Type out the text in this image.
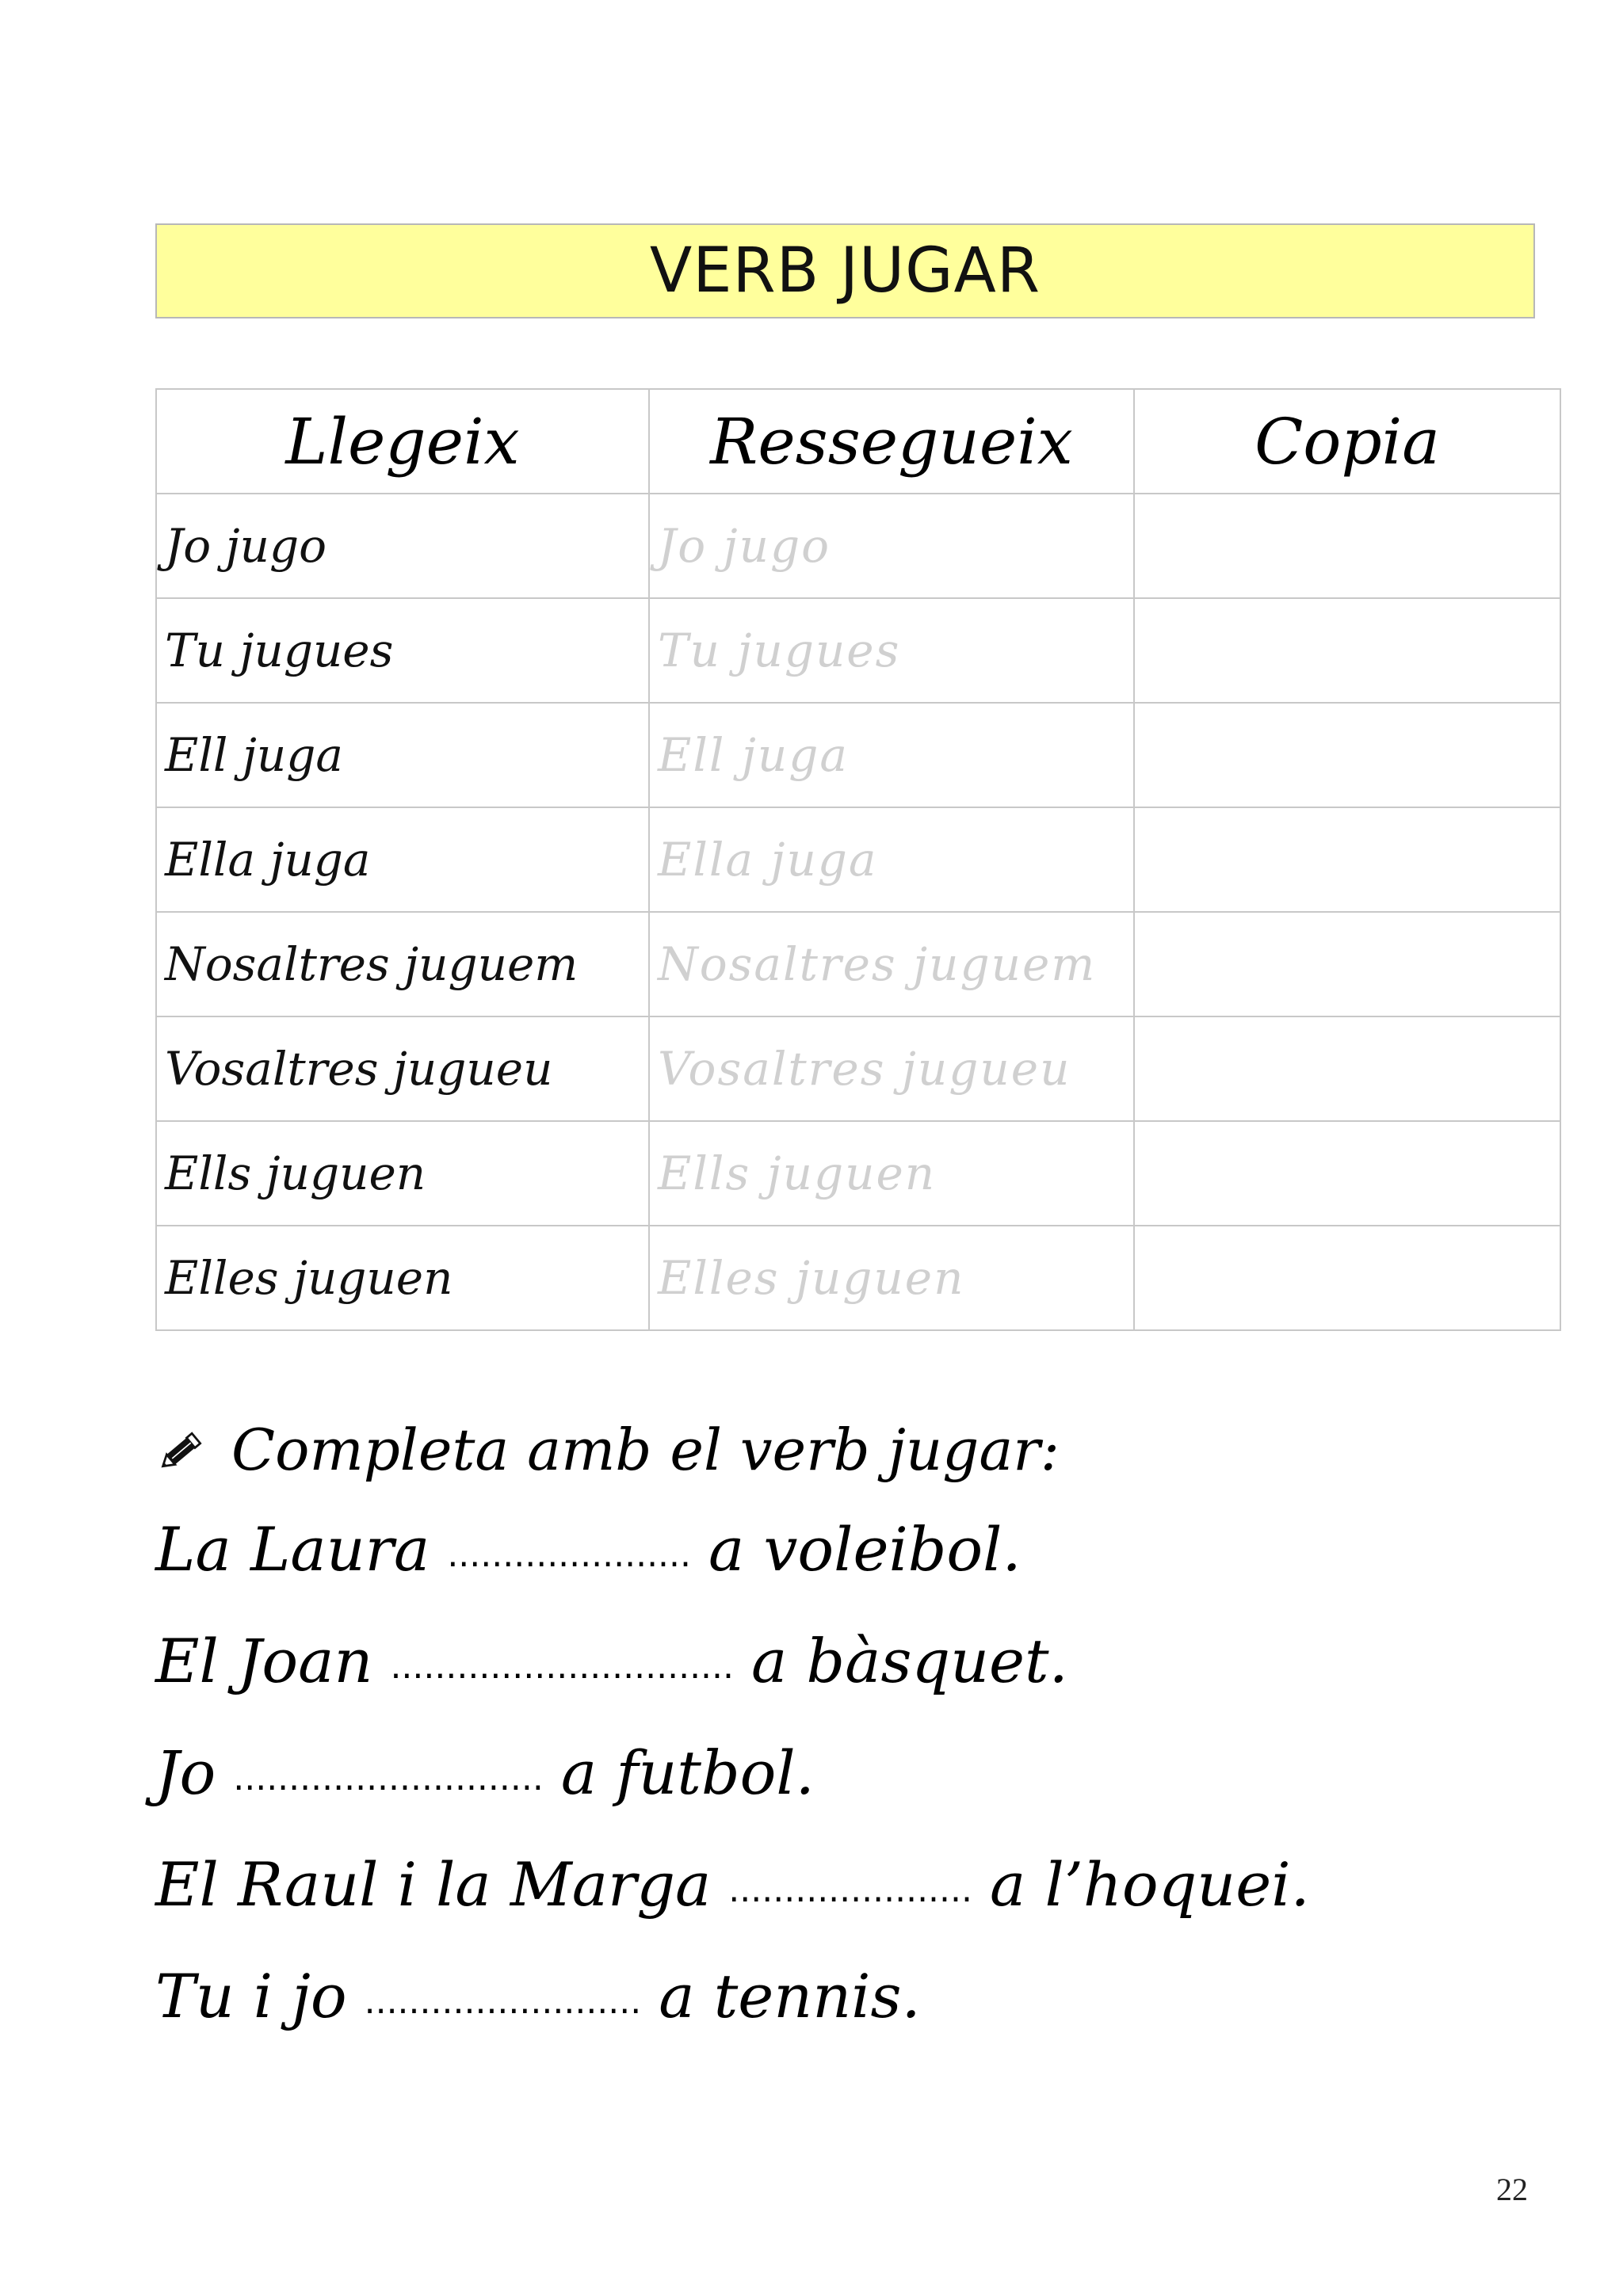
VERB JUGAR
Llegeix	Ressegueix	Copia
Jo jugo	Jo jugo	
Tu jugues	Tu jugues	
Ell juga	Ell juga	
Ella juga	Ella juga	
Nosaltres juguem	Nosaltres juguem	
Vosaltres jugueu	Vosaltres jugueu	
Ells juguen	Ells juguen	
Elles juguen	Elles juguen	
Completa amb el verb jugar:
La Laura ...................... a voleibol.
El Joan ............................... a bàsquet.
Jo ............................ a futbol.
El Raul i la Marga ...................... a l’hoquei.
Tu i jo ......................... a tennis.
22
